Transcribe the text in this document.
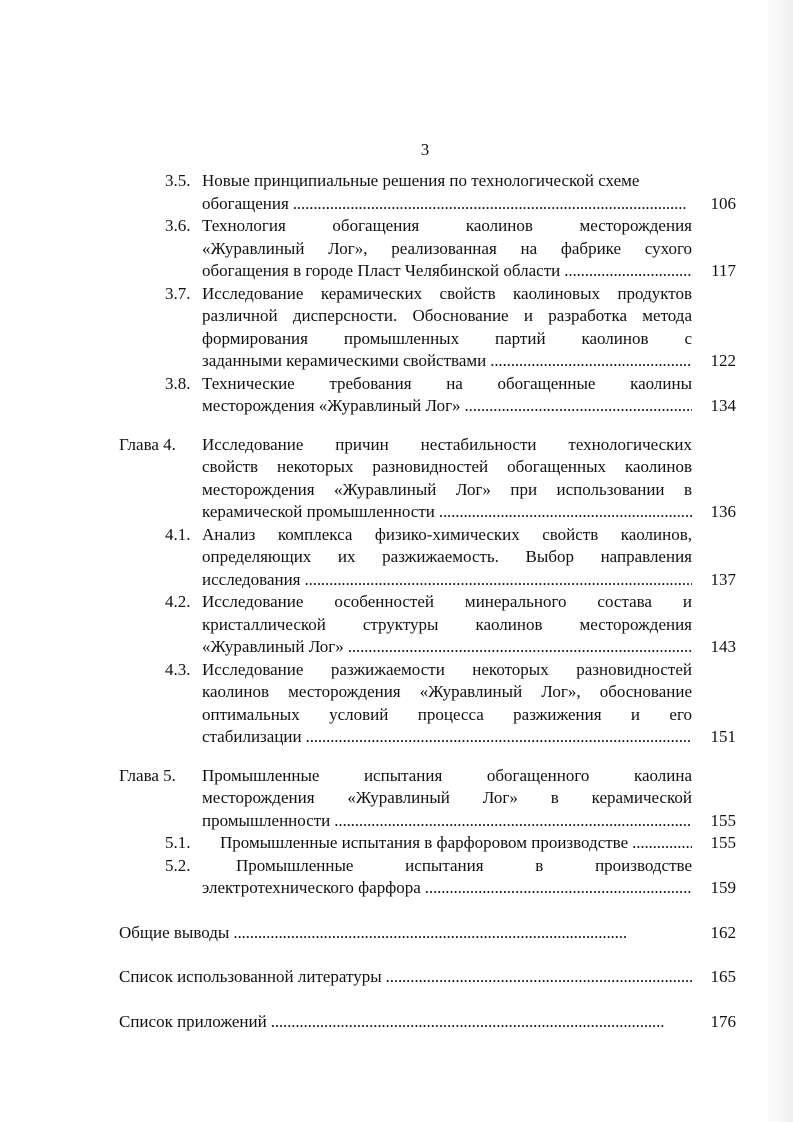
3
3.5. Новые принципиальные решения по технологической схеме
обогащения . . .	106
3.6. Технология обогащения каолинов месторождения
«Журавлиный Лог», реализованная на фабрике сухого
обогащения в городе Пласт Челябинской области . . .	117
3.7. Исследование керамических свойств каолиновых продуктов
различной дисперсности. Обоснование и разработка метода
формирования промышленных партий каолинов с
заданными керамическими свойствами . . .	122
3.8. Технические требования на обогащенные каолины
месторождения «Журавлиный Лог» . . .	134
Глава 4. Исследование причин нестабильности технологических
свойств некоторых разновидностей обогащенных каолинов
месторождения «Журавлиный Лог» при использовании в
керамической промышленности . . .	136
4.1. Анализ комплекса физико-химических свойств каолинов,
определяющих их разжижаемость. Выбор направления
исследования . . .	137
4.2. Исследование особенностей минерального состава и
кристаллической структуры каолинов месторождения
«Журавлиный Лог» . . .	143
4.3. Исследование разжижаемости некоторых разновидностей
каолинов месторождения «Журавлиный Лог», обоснование
оптимальных условий процесса разжижения и его
стабилизации . . .	151
Глава 5. Промышленные испытания обогащенного каолина
месторождения «Журавлиный Лог» в керамической
промышленности . . .	155
5.1. Промышленные испытания в фарфоровом производстве . . .	155
5.2.	Промышленные испытания в производстве
электротехнического фарфора . . .	159
Общие выводы . . .	162
Список использованной литературы . . .	165
Список приложений . . .	176
